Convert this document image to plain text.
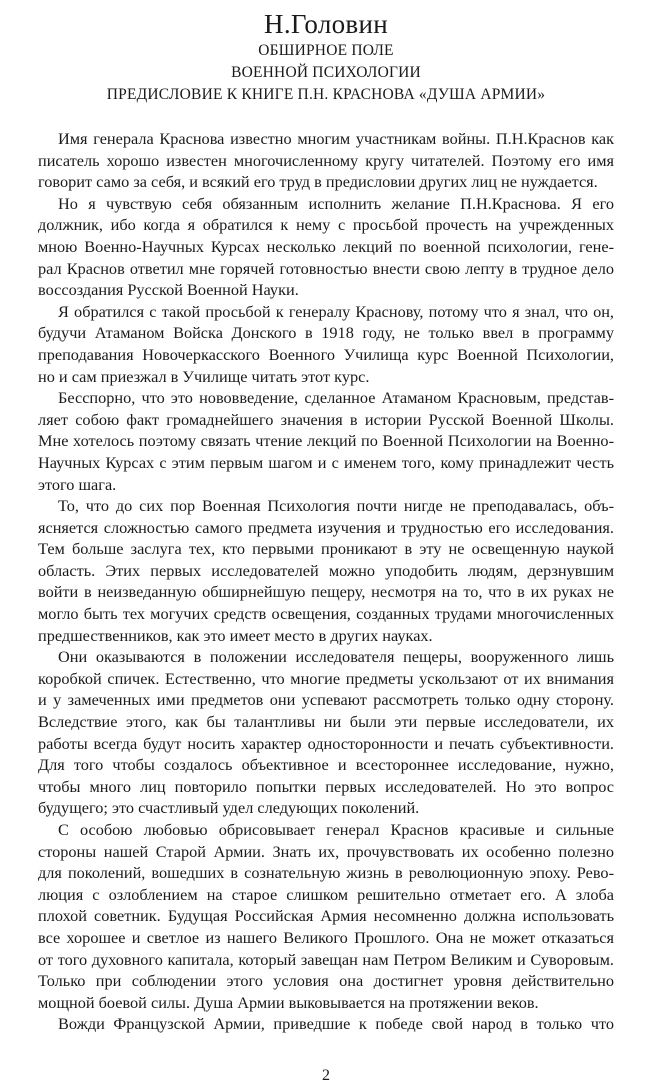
Н.Головин
ОБШИРНОЕ ПОЛЕ
ВОЕННОЙ ПСИХОЛОГИИ
ПРЕДИСЛОВИЕ К КНИГЕ П.Н. КРАСНОВА «ДУША АРМИИ»
Имя генерала Краснова известно многим участникам войны. П.Н.Краснов как
писатель хорошо известен многочисленному кругу читателей. Поэтому его имя
говорит само за себя, и всякий его труд в предисловии других лиц не нуждается.
Но я чувствую себя обязанным исполнить желание П.Н.Краснова. Я его
должник, ибо когда я обратился к нему с просьбой прочесть на учрежденных
мною Военно-Научных Курсах несколько лекций по военной психологии, гене-
рал Краснов ответил мне горячей готовностью внести свою лепту в трудное дело
воссоздания Русской Военной Науки.
Я обратился с такой просьбой к генералу Краснову, потому что я знал, что он,
будучи Атаманом Войска Донского в 1918 году, не только ввел в программу
преподавания Новочеркасского Военного Училища курс Военной Психологии,
но и сам приезжал в Училище читать этот курс.
Бесспорно, что это нововведение, сделанное Атаманом Красновым, представ-
ляет собою факт громаднейшего значения в истории Русской Военной Школы.
Мне хотелось поэтому связать чтение лекций по Военной Психологии на Военно-
Научных Курсах с этим первым шагом и с именем того, кому принадлежит честь
этого шага.
То, что до сих пор Военная Психология почти нигде не преподавалась, объ-
ясняется сложностью самого предмета изучения и трудностью его исследования.
Тем больше заслуга тех, кто первыми проникают в эту не освещенную наукой
область. Этих первых исследователей можно уподобить людям, дерзнувшим
войти в неизведанную обширнейшую пещеру, несмотря на то, что в их руках не
могло быть тех могучих средств освещения, созданных трудами многочисленных
предшественников, как это имеет место в других науках.
Они оказываются в положении исследователя пещеры, вооруженного лишь
коробкой спичек. Естественно, что многие предметы ускользают от их внимания
и у замеченных ими предметов они успевают рассмотреть только одну сторону.
Вследствие этого, как бы талантливы ни были эти первые исследователи, их
работы всегда будут носить характер односторонности и печать субъективности.
Для того чтобы создалось объективное и всестороннее исследование, нужно,
чтобы много лиц повторило попытки первых исследователей. Но это вопрос
будущего; это счастливый удел следующих поколений.
С особою любовью обрисовывает генерал Краснов красивые и сильные
стороны нашей Старой Армии. Знать их, прочувствовать их особенно полезно
для поколений, вошедших в сознательную жизнь в революционную эпоху. Рево-
люция с озлоблением на старое слишком решительно отметает его. А злоба
плохой советник. Будущая Российская Армия несомненно должна использовать
все хорошее и светлое из нашего Великого Прошлого. Она не может отказаться
от того духовного капитала, который завещан нам Петром Великим и Суворовым.
Только при соблюдении этого условия она достигнет уровня действительно
мощной боевой силы. Душа Армии выковывается на протяжении веков.
Вожди Французской Армии, приведшие к победе свой народ в только что
2
